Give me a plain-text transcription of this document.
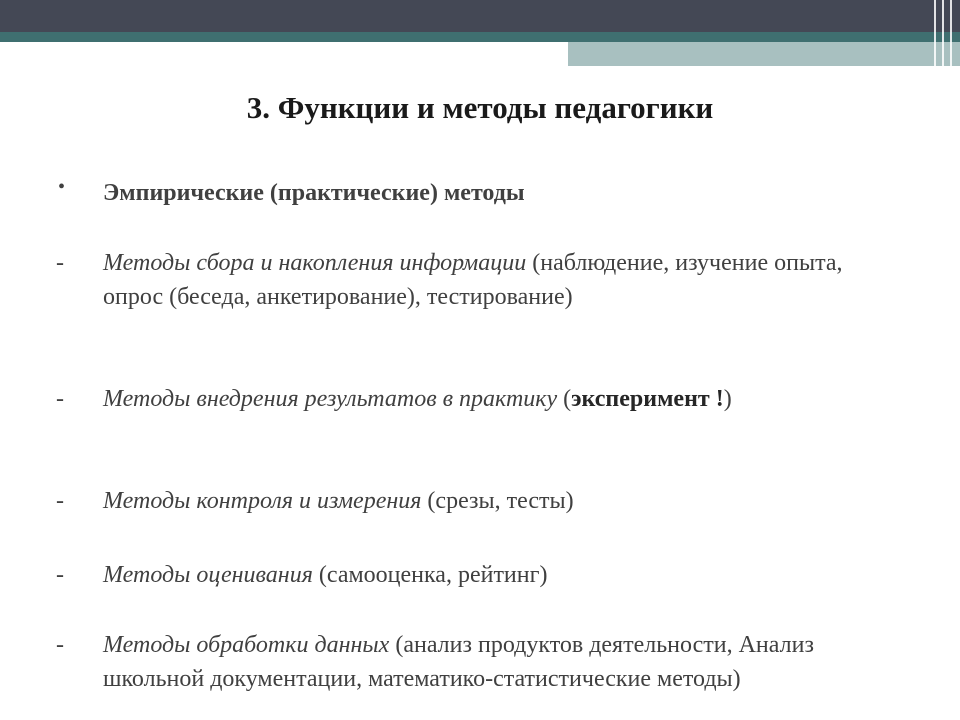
3. Функции и методы педагогики
• Эмпирические (практические) методы
- Методы сбора и накопления информации (наблюдение, изучение опыта, опрос (беседа, анкетирование), тестирование)
- Методы внедрения результатов в практику (эксперимент !)
- Методы контроля и измерения (срезы, тесты)
- Методы оценивания (самооценка, рейтинг)
- Методы обработки данных (анализ продуктов деятельности, Анализ школьной документации, математико-статистические методы)
